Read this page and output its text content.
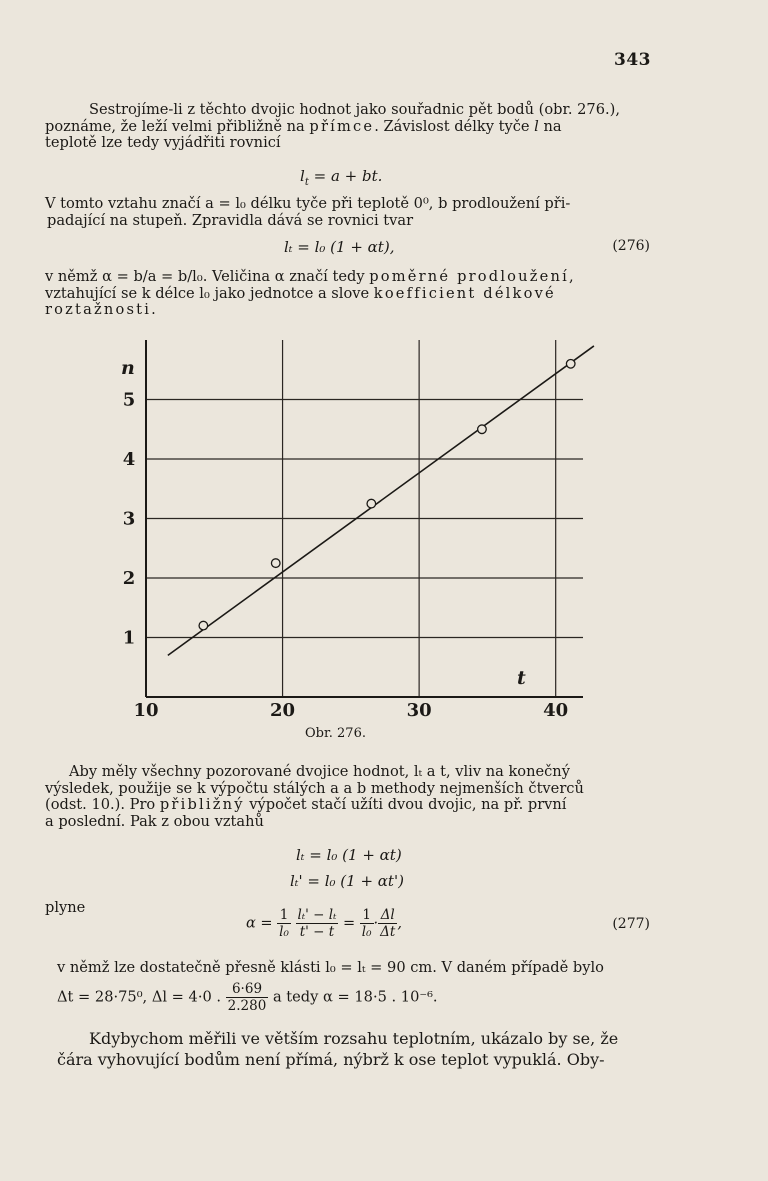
343
Sestrojíme-li z těchto dvojic hodnot jako souřadnic pět bodů (obr. 276.),
poznáme, že leží velmi přibližně na přímce. Závislost délky tyče l na
teplotě lze tedy vyjádřiti rovnicí
$l_t = a$ + bt.
V tomto vztahu značí a = l₀ délku tyče při teplotě 0⁰, b prodloužení při-
padající na stupeň. Zpravidla dává se rovnici tvar
lₜ = l₀ (1 + αt),	(276)
v němž α = b/a = b/l₀. Veličina α značí tedy poměrné prodloužení,
vztahující se k délce l₀ jako jednotce a slove koefficient délkové
roztažnosti.
10	20	30	40
1
2
3
4
5
t
n
Obr. 276.
Aby měly všechny pozorované dvojice hodnot, lₜ a t, vliv na konečný
výsledek, použije se k výpočtu stálých a a b methody nejmenších čtverců
(odst. 10.). Pro přibližný výpočet stačí užíti dvou dvojic, na př. první
a poslední. Pak z obou vztahů
lₜ = l₀ (1 + αt)
lₜ' = l₀ (1 + αt')
plyne
$\alpha = \frac{1}{\text{l₀}}$
$\frac{\text{lₜ' − lₜ}}{t' - t} = \frac{1}{\text{l₀}} \cdot \frac{\Delta l}{\Delta t}$ ,	(277)
v němž lze dostatečně přesně klásti l₀ = lₜ = 90 cm. V daném případě bylo
Δt = 28·75⁰, Δl = 4·0 . $\frac{6\cdot 69}{2.280}$ a tedy α = 18·5 . 10⁻⁶.
Kdybychom měřili ve větším rozsahu teplotním, ukázalo by se, že
čára vyhovující bodům není přímá, nýbrž k ose teplot vypuklá. Oby-
